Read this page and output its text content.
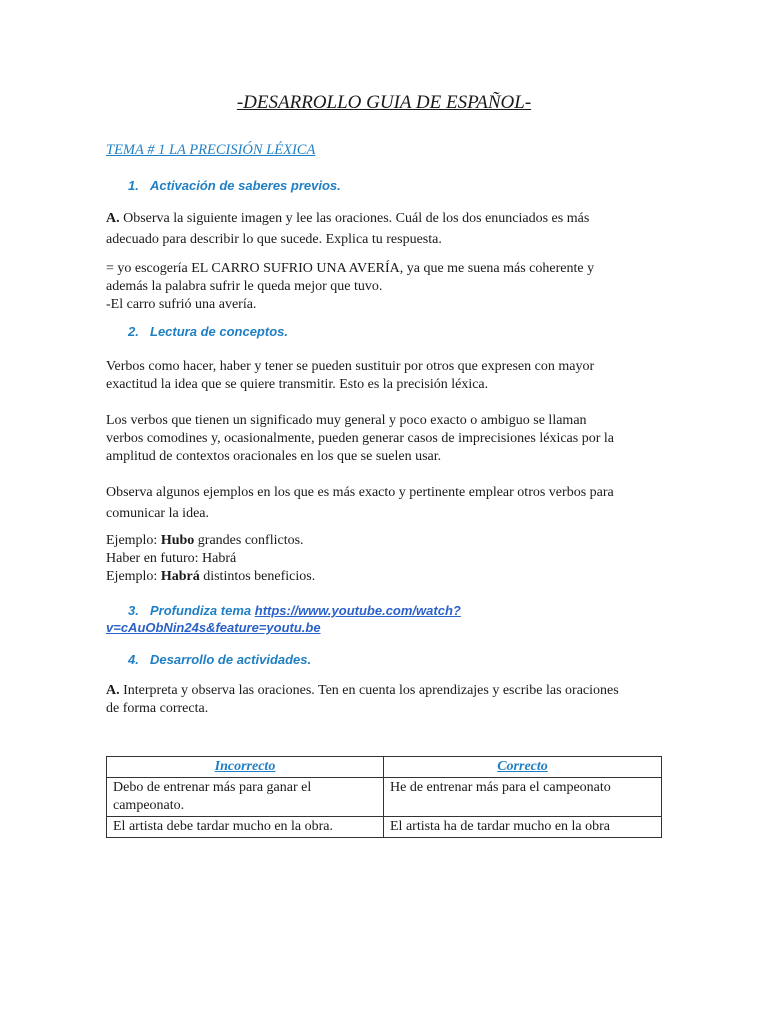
-DESARROLLO GUIA DE ESPAÑOL-
TEMA # 1 LA PRECISIÓN LÉXICA
1. Activación de saberes previos.
A. Observa la siguiente imagen y lee las oraciones. Cuál de los dos enunciados es más
adecuado para describir lo que sucede. Explica tu respuesta.
= yo escogería EL CARRO SUFRIO UNA AVERÍA, ya que me suena más coherente y
además la palabra sufrir le queda mejor que tuvo.
-El carro sufrió una avería.
2. Lectura de conceptos.
Verbos como hacer, haber y tener se pueden sustituir por otros que expresen con mayor
exactitud la idea que se quiere transmitir. Esto es la precisión léxica.
Los verbos que tienen un significado muy general y poco exacto o ambiguo se llaman
verbos comodines y, ocasionalmente, pueden generar casos de imprecisiones léxicas por la
amplitud de contextos oracionales en los que se suelen usar.
Observa algunos ejemplos en los que es más exacto y pertinente emplear otros verbos para
comunicar la idea.
Ejemplo: Hubo grandes conflictos.
Haber en futuro: Habrá
Ejemplo: Habrá distintos beneficios.
3. Profundiza tema https://www.youtube.com/watch?
v=cAuObNin24s&feature=youtu.be
4. Desarrollo de actividades.
A. Interpreta y observa las oraciones. Ten en cuenta los aprendizajes y escribe las oraciones
de forma correcta.
Incorrecto	Correcto
Debo de entrenar más para ganar el campeonato.	He de entrenar más para el campeonato
El artista debe tardar mucho en la obra.	El artista ha de tardar mucho en la obra
